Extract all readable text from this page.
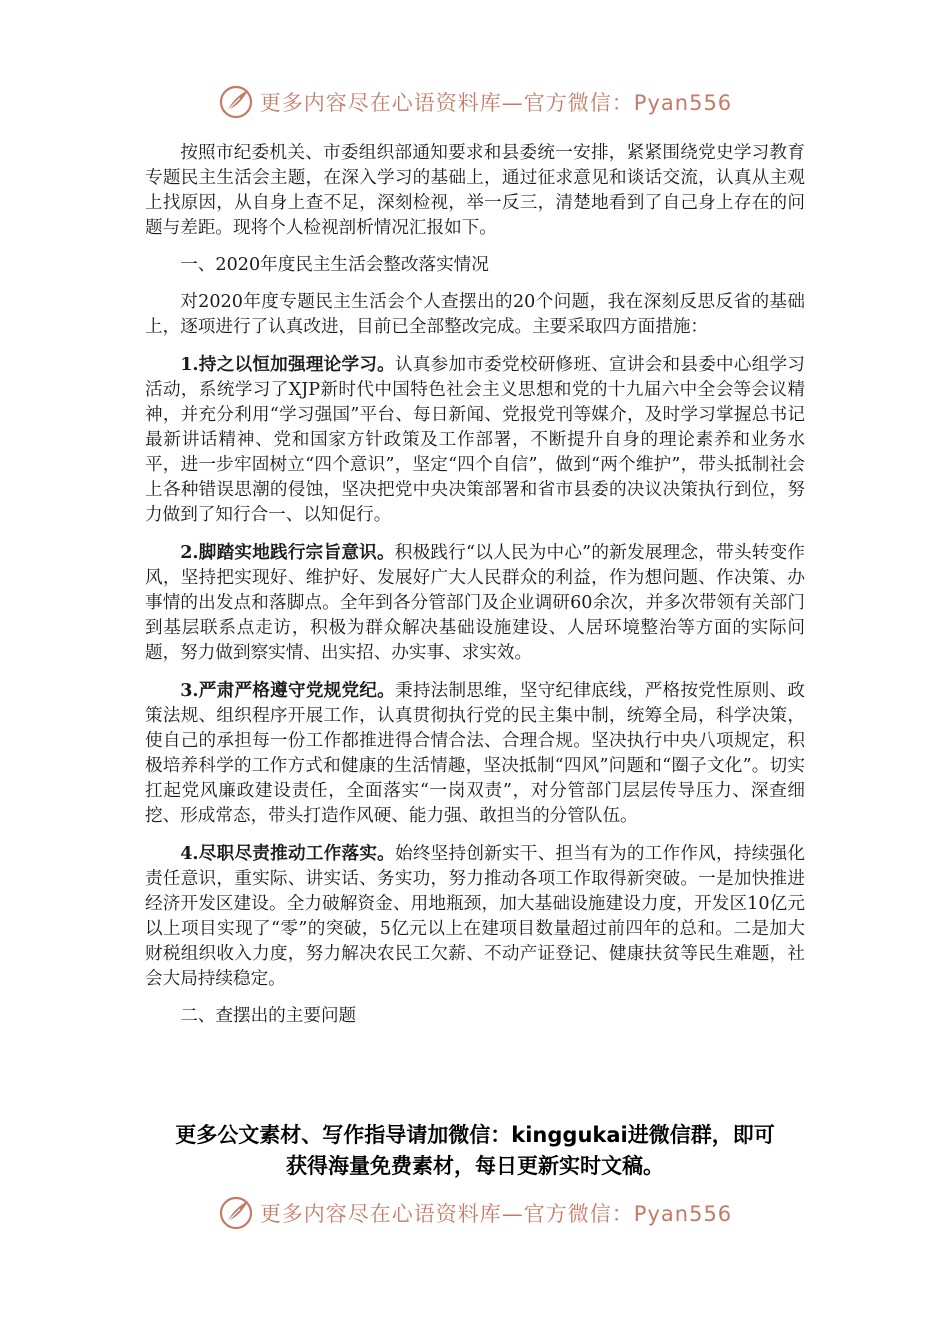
更多内容尽在心语资料库—官方微信：Pyan556

按照市纪委机关、市委组织部通知要求和县委统一安排，紧紧围绕党史学习教育专题民主生活会主题，在深入学习的基础上，通过征求意见和谈话交流，认真从主观上找原因，从自身上查不足，深刻检视，举一反三，清楚地看到了自己身上存在的问题与差距。现将个人检视剖析情况汇报如下。

一、2020年度民主生活会整改落实情况

对2020年度专题民主生活会个人查摆出的20个问题，我在深刻反思反省的基础上，逐项进行了认真改进，目前已全部整改完成。主要采取四方面措施：

1.持之以恒加强理论学习。认真参加市委党校研修班、宣讲会和县委中心组学习活动，系统学习了XJP新时代中国特色社会主义思想和党的十九届六中全会等会议精神，并充分利用“学习强国”平台、每日新闻、党报党刊等媒介，及时学习掌握总书记最新讲话精神、党和国家方针政策及工作部署，不断提升自身的理论素养和业务水平，进一步牢固树立“四个意识”，坚定“四个自信”，做到“两个维护”，带头抵制社会上各种错误思潮的侵蚀，坚决把党中央决策部署和省市县委的决议决策执行到位，努力做到了知行合一、以知促行。

2.脚踏实地践行宗旨意识。积极践行“以人民为中心”的新发展理念，带头转变作风，坚持把实现好、维护好、发展好广大人民群众的利益，作为想问题、作决策、办事情的出发点和落脚点。全年到各分管部门及企业调研60余次，并多次带领有关部门到基层联系点走访，积极为群众解决基础设施建设、人居环境整治等方面的实际问题，努力做到察实情、出实招、办实事、求实效。

3.严肃严格遵守党规党纪。秉持法制思维，坚守纪律底线，严格按党性原则、政策法规、组织程序开展工作，认真贯彻执行党的民主集中制，统筹全局，科学决策，使自己的承担每一份工作都推进得合情合法、合理合规。坚决执行中央八项规定，积极培养科学的工作方式和健康的生活情趣，坚决抵制“四风”问题和“圈子文化”。切实扛起党风廉政建设责任，全面落实“一岗双责”，对分管部门层层传导压力、深查细挖、形成常态，带头打造作风硬、能力强、敢担当的分管队伍。

4.尽职尽责推动工作落实。始终坚持创新实干、担当有为的工作作风，持续强化责任意识，重实际、讲实话、务实功，努力推动各项工作取得新突破。一是加快推进经济开发区建设。全力破解资金、用地瓶颈，加大基础设施建设力度，开发区10亿元以上项目实现了“零”的突破，5亿元以上在建项目数量超过前四年的总和。二是加大财税组织收入力度，努力解决农民工欠薪、不动产证登记、健康扶贫等民生难题，社会大局持续稳定。

二、查摆出的主要问题

更多公文素材、写作指导请加微信：kinggukai进微信群，即可
获得海量免费素材，每日更新实时文稿。
更多内容尽在心语资料库—官方微信：Pyan556
